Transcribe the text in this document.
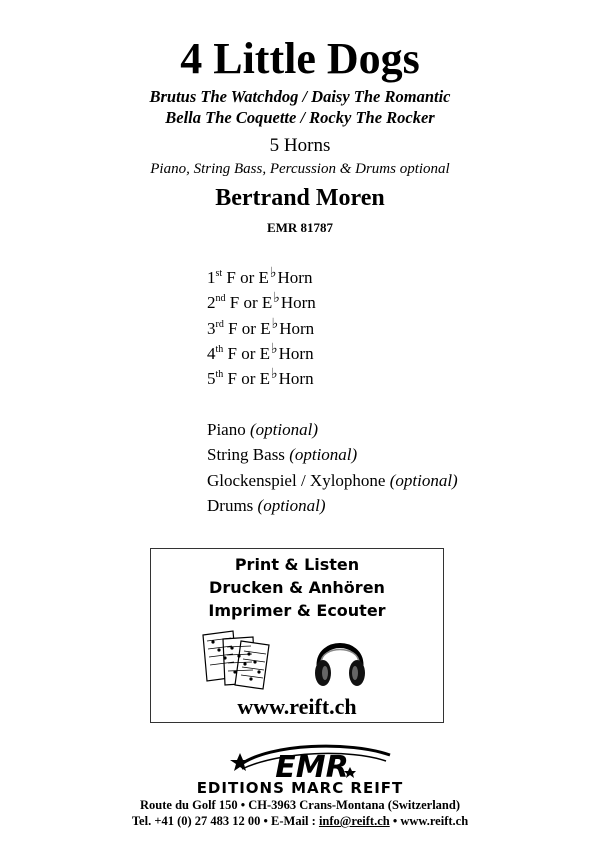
4 Little Dogs
Brutus The Watchdog / Daisy The Romantic
Bella The Coquette / Rocky The Rocker
5 Horns
Piano, String Bass, Percussion & Drums optional
Bertrand Moren
EMR 81787
1st F or E♭Horn
2nd F or E♭Horn
3rd F or E♭Horn
4th F or E♭Horn
5th F or E♭Horn
Piano (optional)
String Bass (optional)
Glockenspiel / Xylophone (optional)
Drums (optional)
Print & Listen
Drucken & Anhören
Imprimer & Ecouter
www.reift.ch
EMR
EDITIONS MARC REIFT
Route du Golf 150 • CH-3963 Crans-Montana (Switzerland)
Tel. +41 (0) 27 483 12 00 • E-Mail : info@reift.ch • www.reift.ch
